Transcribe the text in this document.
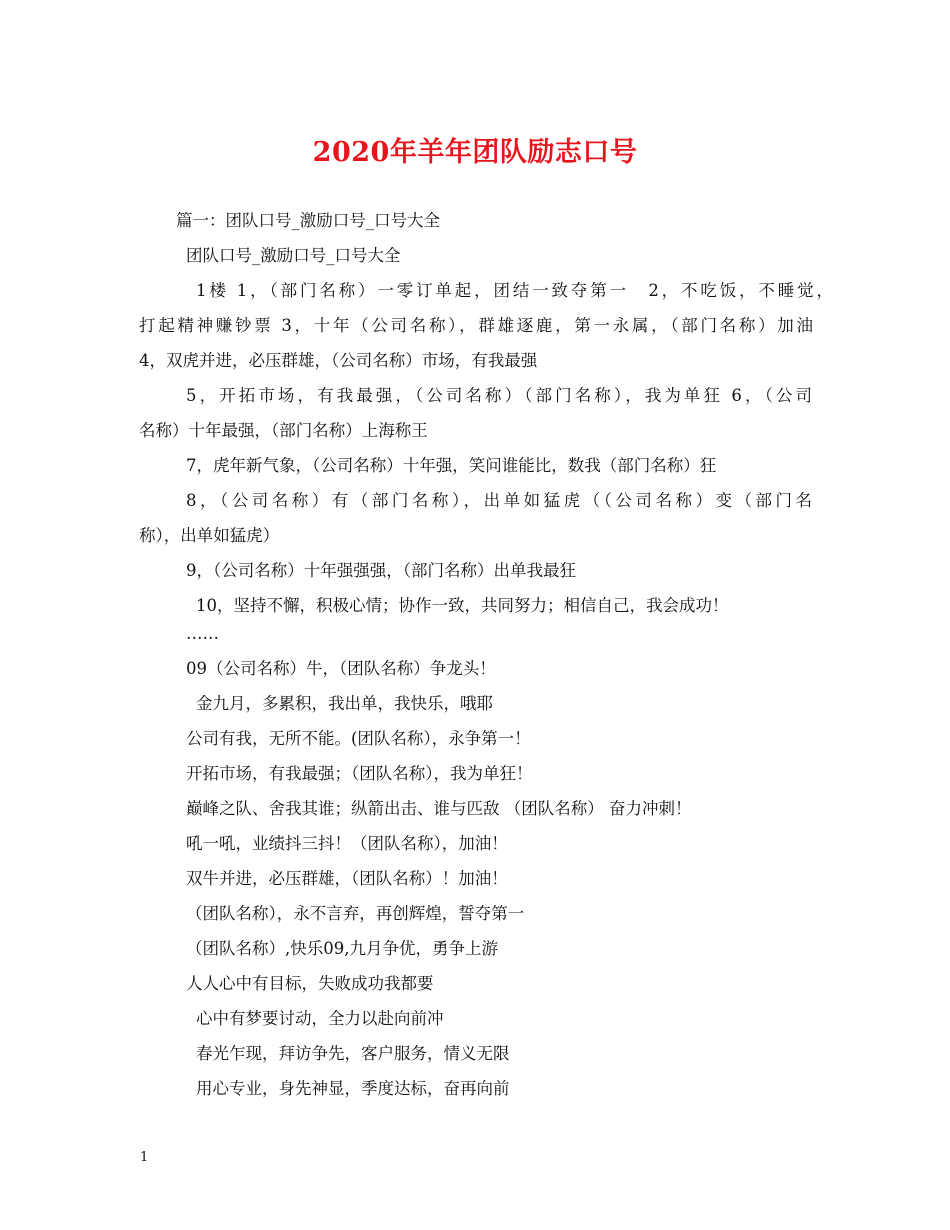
2020年羊年团队励志口号
篇一：团队口号_激励口号_口号大全
团队口号_激励口号_口号大全
1楼 1，（部门名称）一零订单起，团结一致夺第一　2，不吃饭，不睡觉，
打起精神赚钞票 3，十年（公司名称），群雄逐鹿，第一永属，（部门名称）加油
4，双虎并进，必压群雄，（公司名称）市场，有我最强
5，开拓市场，有我最强，（公司名称）（部门名称），我为单狂 6，（公司
名称）十年最强，（部门名称）上海称王
7，虎年新气象，（公司名称）十年强，笑问谁能比，数我（部门名称）狂
8，（公司名称）有（部门名称），出单如猛虎（（公司名称）变（部门名
称），出单如猛虎）
9，（公司名称）十年强强强，（部门名称）出单我最狂
10，坚持不懈，积极心情；协作一致，共同努力；相信自己，我会成功！
……
09（公司名称）牛，（团队名称）争龙头！
金九月，多累积，我出单，我快乐，哦耶
公司有我，无所不能。(团队名称），永争第一！
开拓市场，有我最强；（团队名称），我为单狂！
巅峰之队、舍我其谁；纵箭出击、谁与匹敌 （团队名称） 奋力冲刺！
吼一吼，业绩抖三抖！（团队名称），加油！
双牛并进，必压群雄，（团队名称）！加油！
（团队名称），永不言弃，再创辉煌，誓夺第一
（团队名称）,快乐09,九月争优，勇争上游
人人心中有目标，失败成功我都要
心中有梦要讨动，全力以赴向前冲
春光乍现，拜访争先，客户服务，情义无限
用心专业，身先神显，季度达标，奋再向前
1
